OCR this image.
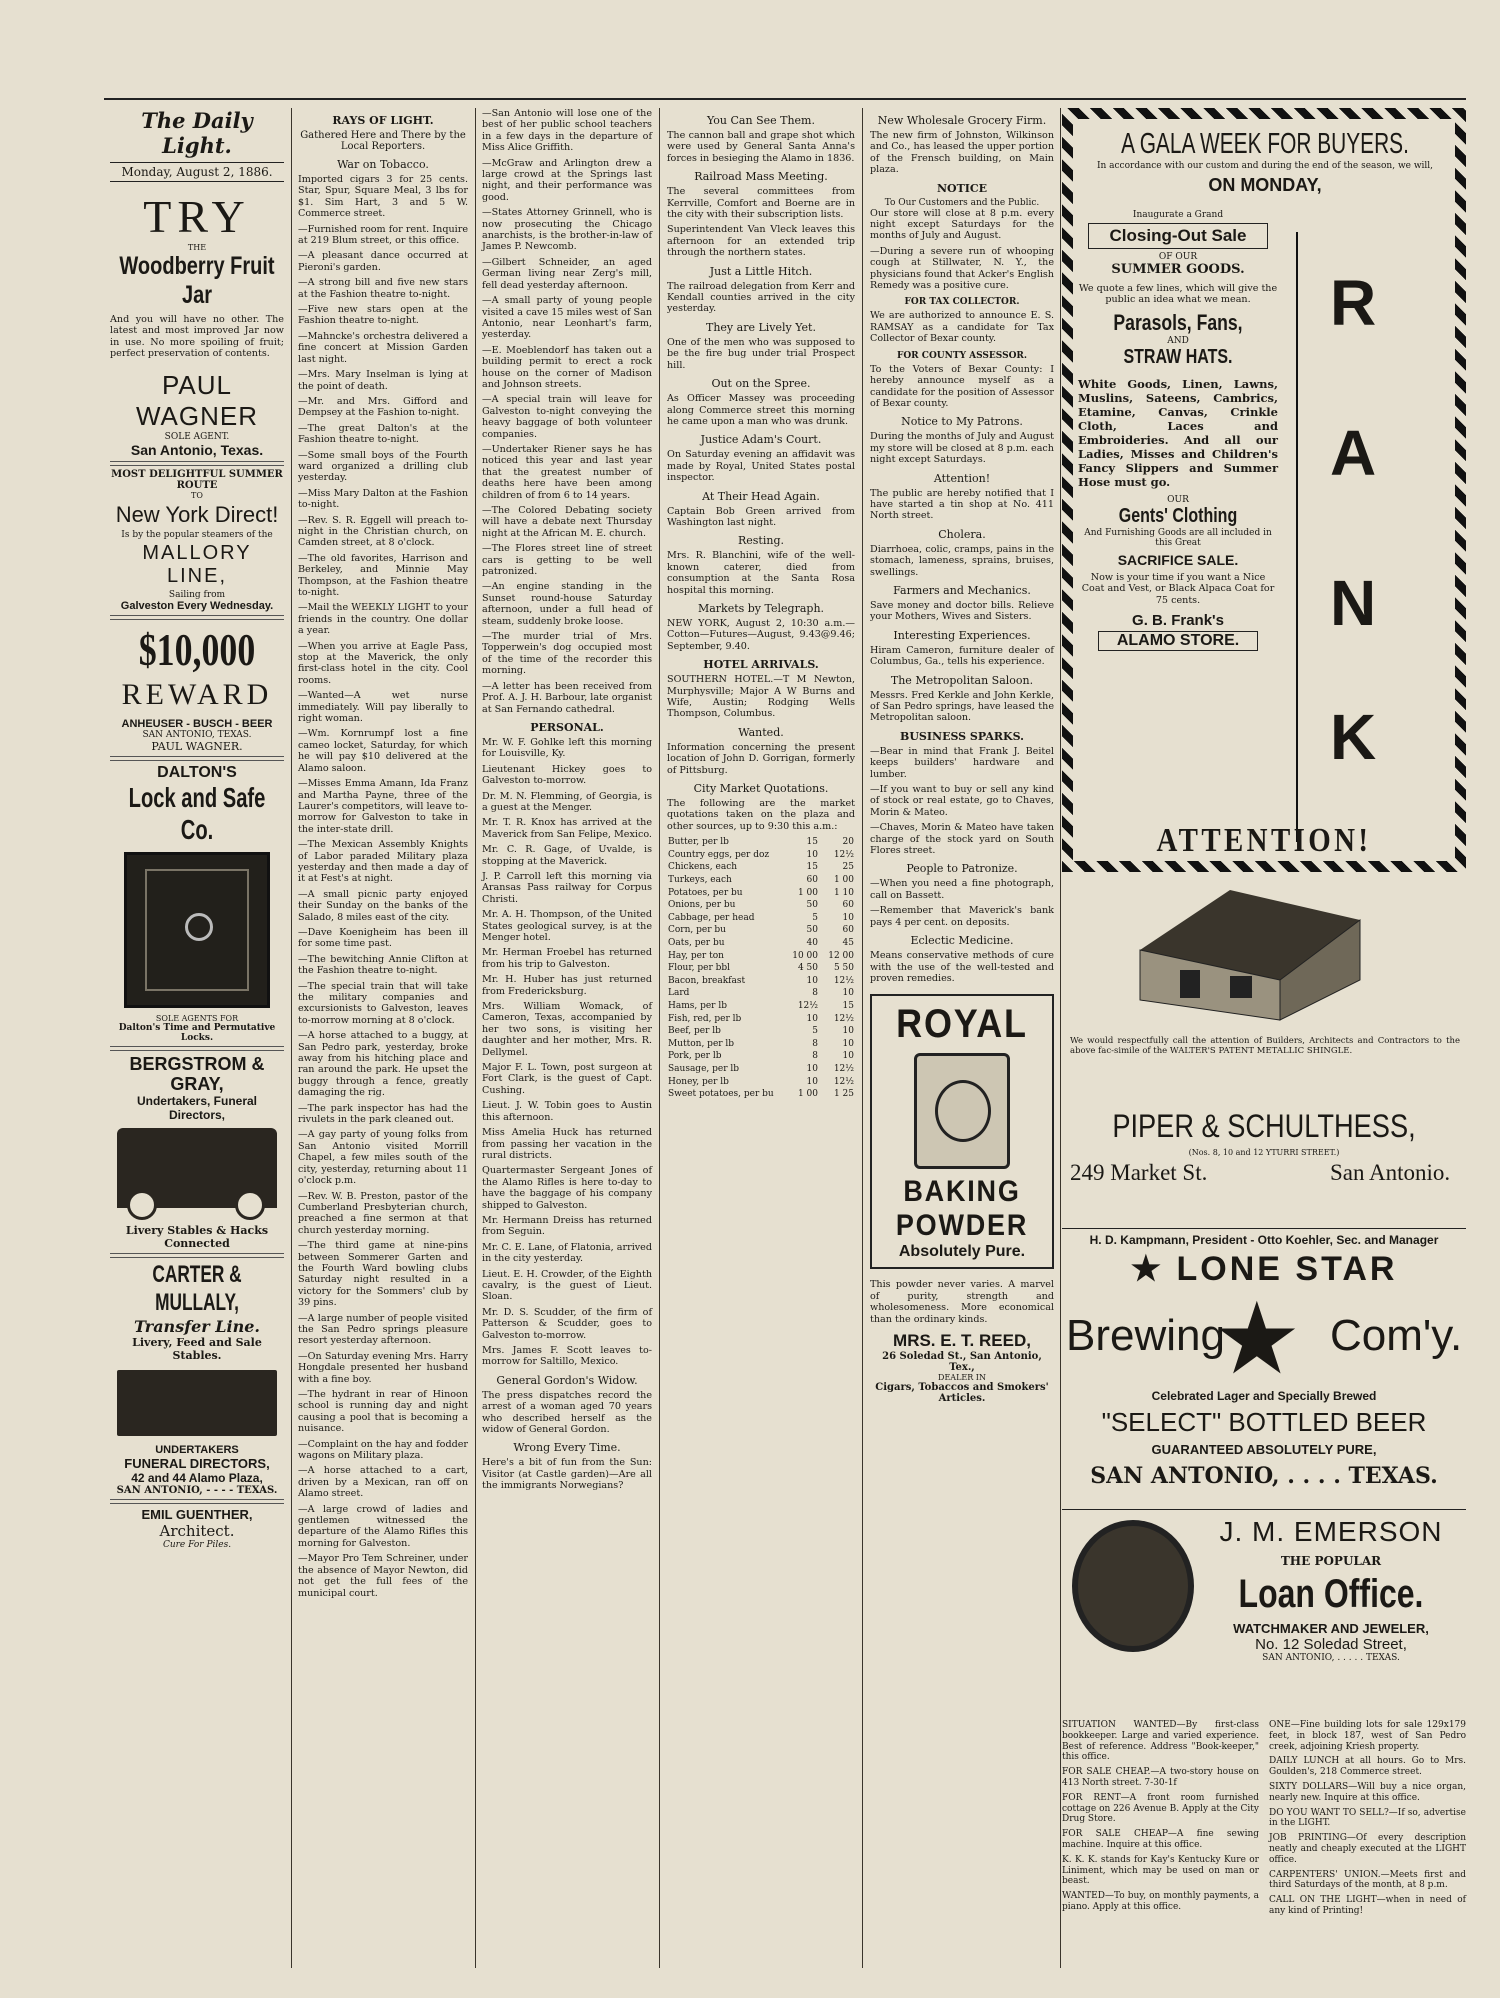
The Daily Light.

Monday, August 2, 1886.
TRY
THE
Woodberry Fruit Jar

And you will have no other. The latest and most improved Jar now in use. No more spoiling of fruit; perfect preservation of contents.

PAUL WAGNER
SOLE AGENT.
San Antonio, Texas.
MOST DELIGHTFUL SUMMER ROUTE
TO
New York Direct!
Is by the popular steamers of the
MALLORY LINE,
Sailing from
Galveston Every Wednesday.
$10,000
REWARD
ANHEUSER - BUSCH - BEER
SAN ANTONIO, TEXAS.
PAUL WAGNER.
DALTON'S
Lock and Safe Co.
SOLE AGENTS FOR
Dalton's Time and Permutative Locks.
BERGSTROM & GRAY,
Undertakers, Funeral Directors,
Livery Stables & Hacks Connected
CARTER & MULLALY,
Transfer Line.
Livery, Feed and Sale Stables.
UNDERTAKERS
FUNERAL DIRECTORS,
42 and 44 Alamo Plaza,
SAN ANTONIO, - - - - TEXAS.
EMIL GUENTHER,
Architect.
Cure For Piles.
RAYS OF LIGHT.
Gathered Here and There by the Local Reporters.
War on Tobacco.

Imported cigars 3 for 25 cents. Star, Spur, Square Meal, 3 lbs for $1. Sim Hart, 3 and 5 W. Commerce street.

—Furnished room for rent. Inquire at 219 Blum street, or this office.

—A pleasant dance occurred at Pieroni's garden.

—A strong bill and five new stars at the Fashion theatre to-night.

—Five new stars open at the Fashion theatre to-night.

—Mahncke's orchestra delivered a fine concert at Mission Garden last night.

—Mrs. Mary Inselman is lying at the point of death.

—Mr. and Mrs. Gifford and Dempsey at the Fashion to-night.

—The great Dalton's at the Fashion theatre to-night.

—Some small boys of the Fourth ward organized a drilling club yesterday.

—Miss Mary Dalton at the Fashion to-night.

—Rev. S. R. Eggell will preach to-night in the Christian church, on Camden street, at 8 o'clock.

—The old favorites, Harrison and Berkeley, and Minnie May Thompson, at the Fashion theatre to-night.

—Mail the WEEKLY LIGHT to your friends in the country. One dollar a year.

—When you arrive at Eagle Pass, stop at the Maverick, the only first-class hotel in the city. Cool rooms.

—Wanted—A wet nurse immediately. Will pay liberally to right woman.

—Wm. Kornrumpf lost a fine cameo locket, Saturday, for which he will pay $10 delivered at the Alamo saloon.

—Misses Emma Amann, Ida Franz and Martha Payne, three of the Laurer's competitors, will leave to-morrow for Galveston to take in the inter-state drill.

—The Mexican Assembly Knights of Labor paraded Military plaza yesterday and then made a day of it at Fest's at night.

—A small picnic party enjoyed their Sunday on the banks of the Salado, 8 miles east of the city.

—Dave Koenigheim has been ill for some time past.

—The bewitching Annie Clifton at the Fashion theatre to-night.

—The special train that will take the military companies and excursionists to Galveston, leaves to-morrow morning at 8 o'clock.

—A horse attached to a buggy, at San Pedro park, yesterday, broke away from his hitching place and ran around the park. He upset the buggy through a fence, greatly damaging the rig.

—The park inspector has had the rivulets in the park cleaned out.

—A gay party of young folks from San Antonio visited Morrill Chapel, a few miles south of the city, yesterday, returning about 11 o'clock p.m.

—Rev. W. B. Preston, pastor of the Cumberland Presbyterian church, preached a fine sermon at that church yesterday morning.

—The third game at nine-pins between Sommerer Garten and the Fourth Ward bowling clubs Saturday night resulted in a victory for the Sommers' club by 39 pins.

—A large number of people visited the San Pedro springs pleasure resort yesterday afternoon.

—On Saturday evening Mrs. Harry Hongdale presented her husband with a fine boy.

—The hydrant in rear of Hinoon school is running day and night causing a pool that is becoming a nuisance.

—Complaint on the hay and fodder wagons on Military plaza.

—A horse attached to a cart, driven by a Mexican, ran off on Alamo street.

—A large crowd of ladies and gentlemen witnessed the departure of the Alamo Rifles this morning for Galveston.

—Mayor Pro Tem Schreiner, under the absence of Mayor Newton, did not get the full fees of the municipal court.

—San Antonio will lose one of the best of her public school teachers in a few days in the departure of Miss Alice Griffith.

—McGraw and Arlington drew a large crowd at the Springs last night, and their performance was good.

—States Attorney Grinnell, who is now prosecuting the Chicago anarchists, is the brother-in-law of James P. Newcomb.

—Gilbert Schneider, an aged German living near Zerg's mill, fell dead yesterday afternoon.

—A small party of young people visited a cave 15 miles west of San Antonio, near Leonhart's farm, yesterday.

—E. Moeblendorf has taken out a building permit to erect a rock house on the corner of Madison and Johnson streets.

—A special train will leave for Galveston to-night conveying the heavy baggage of both volunteer companies.

—Undertaker Riener says he has noticed this year and last year that the greatest number of deaths here have been among children of from 6 to 14 years.

—The Colored Debating society will have a debate next Thursday night at the African M. E. church.

—The Flores street line of street cars is getting to be well patronized.

—An engine standing in the Sunset round-house Saturday afternoon, under a full head of steam, suddenly broke loose.

—The murder trial of Mrs. Topperwein's dog occupied most of the time of the recorder this morning.

—A letter has been received from Prof. A. J. H. Barbour, late organist at San Fernando cathedral.

PERSONAL.

Mr. W. F. Gohlke left this morning for Louisville, Ky.

Lieutenant Hickey goes to Galveston to-morrow.

Dr. M. N. Flemming, of Georgia, is a guest at the Menger.

Mr. T. R. Knox has arrived at the Maverick from San Felipe, Mexico.

Mr. C. R. Gage, of Uvalde, is stopping at the Maverick.

J. P. Carroll left this morning via Aransas Pass railway for Corpus Christi.

Mr. A. H. Thompson, of the United States geological survey, is at the Menger hotel.

Mr. Herman Froebel has returned from his trip to Galveston.

Mr. H. Huber has just returned from Fredericksburg.

Mrs. William Womack, of Cameron, Texas, accompanied by her two sons, is visiting her daughter and her mother, Mrs. R. Dellymel.

Major F. L. Town, post surgeon at Fort Clark, is the guest of Capt. Cushing.

Lieut. J. W. Tobin goes to Austin this afternoon.

Miss Amelia Huck has returned from passing her vacation in the rural districts.

Quartermaster Sergeant Jones of the Alamo Rifles is here to-day to have the baggage of his company shipped to Galveston.

Mr. Hermann Dreiss has returned from Seguin.

Mr. C. E. Lane, of Flatonia, arrived in the city yesterday.

Lieut. E. H. Crowder, of the Eighth cavalry, is the guest of Lieut. Sloan.

Mr. D. S. Scudder, of the firm of Patterson & Scudder, goes to Galveston to-morrow.

Mrs. James F. Scott leaves to-morrow for Saltillo, Mexico.

General Gordon's Widow.

The press dispatches record the arrest of a woman aged 70 years who described herself as the widow of General Gordon.

Wrong Every Time.

Here's a bit of fun from the Sun: Visitor (at Castle garden)—Are all the immigrants Norwegians?

You Can See Them.

The cannon ball and grape shot which were used by General Santa Anna's forces in besieging the Alamo in 1836.

Railroad Mass Meeting.

The several committees from Kerrville, Comfort and Boerne are in the city with their subscription lists.

Superintendent Van Vleck leaves this afternoon for an extended trip through the northern states.

Just a Little Hitch.

The railroad delegation from Kerr and Kendall counties arrived in the city yesterday.

They are Lively Yet.

One of the men who was supposed to be the fire bug under trial Prospect hill.

Out on the Spree.

As Officer Massey was proceeding along Commerce street this morning he came upon a man who was drunk.

Justice Adam's Court.

On Saturday evening an affidavit was made by Royal, United States postal inspector.

At Their Head Again.

Captain Bob Green arrived from Washington last night.

Resting.

Mrs. R. Blanchini, wife of the well-known caterer, died from consumption at the Santa Rosa hospital this morning.

Markets by Telegraph.

NEW YORK, August 2, 10:30 a.m.—Cotton—Futures—August, 9.43@9.46; September, 9.40.

HOTEL ARRIVALS.

SOUTHERN HOTEL.—T M Newton, Murphysville; Major A W Burns and Wife, Austin; Rodging Wells Thompson, Columbus.

Wanted.

Information concerning the present location of John D. Gorrigan, formerly of Pittsburg.

City Market Quotations.

The following are the market quotations taken on the plaza and other sources, up to 9:30 this a.m.:

Butter, per lb	15	20
Country eggs, per doz	10	12½
Chickens, each	15	25
Turkeys, each	60	1 00
Potatoes, per bu	1 00	1 10
Onions, per bu	50	60
Cabbage, per head	5	10
Corn, per bu	50	60
Oats, per bu	40	45
Hay, per ton	10 00	12 00
Flour, per bbl	4 50	5 50
Bacon, breakfast	10	12½
Lard	8	10
Hams, per lb	12½	15
Fish, red, per lb	10	12½
Beef, per lb	5	10
Mutton, per lb	8	10
Pork, per lb	8	10
Sausage, per lb	10	12½
Honey, per lb	10	12½
Sweet potatoes, per bu	1 00	1 25
New Wholesale Grocery Firm.

The new firm of Johnston, Wilkinson and Co., has leased the upper portion of the Frensch building, on Main plaza.

NOTICE
To Our Customers and the Public.

Our store will close at 8 p.m. every night except Saturdays for the months of July and August.

—During a severe run of whooping cough at Stillwater, N. Y., the physicians found that Acker's English Remedy was a positive cure.

FOR TAX COLLECTOR.

We are authorized to announce E. S. RAMSAY as a candidate for Tax Collector of Bexar county.

FOR COUNTY ASSESSOR.

To the Voters of Bexar County: I hereby announce myself as a candidate for the position of Assessor of Bexar county.

Notice to My Patrons.

During the months of July and August my store will be closed at 8 p.m. each night except Saturdays.

Attention!

The public are hereby notified that I have started a tin shop at No. 411 North street.

Cholera.

Diarrhoea, colic, cramps, pains in the stomach, lameness, sprains, bruises, swellings.

Farmers and Mechanics.

Save money and doctor bills. Relieve your Mothers, Wives and Sisters.

Interesting Experiences.

Hiram Cameron, furniture dealer of Columbus, Ga., tells his experience.

The Metropolitan Saloon.

Messrs. Fred Kerkle and John Kerkle, of San Pedro springs, have leased the Metropolitan saloon.

BUSINESS SPARKS.

—Bear in mind that Frank J. Beitel keeps builders' hardware and lumber.

—If you want to buy or sell any kind of stock or real estate, go to Chaves, Morin & Mateo.

—Chaves, Morin & Mateo have taken charge of the stock yard on South Flores street.

People to Patronize.

—When you need a fine photograph, call on Bassett.

—Remember that Maverick's bank pays 4 per cent. on deposits.

Eclectic Medicine.

Means conservative methods of cure with the use of the well-tested and proven remedies.

ROYAL
BAKING
POWDER
Absolutely Pure.

This powder never varies. A marvel of purity, strength and wholesomeness. More economical than the ordinary kinds.

MRS. E. T. REED,
26 Soledad St., San Antonio, Tex.,
DEALER IN
Cigars, Tobaccos and Smokers' Articles.
A GALA WEEK FOR BUYERS.
In accordance with our custom and during the end of the season, we will,
ON MONDAY,
Inaugurate a Grand
Closing-Out Sale
OF OUR
SUMMER GOODS.

We quote a few lines, which will give the public an idea what we mean.

Parasols, Fans,
AND
STRAW HATS.

White Goods, Linen, Lawns, Muslins, Sateens, Cambrics, Etamine, Canvas, Crinkle Cloth, Laces and Embroideries. And all our Ladies, Misses and Children's Fancy Slippers and Summer Hose must go.

OUR
Gents' Clothing
And Furnishing Goods are all included in this Great
SACRIFICE SALE.

Now is your time if you want a Nice Coat and Vest, or Black Alpaca Coat for 75 cents.

G. B. Frank's
ALAMO STORE.
R
A
N
K
ATTENTION!

We would respectfully call the attention of Builders, Architects and Contractors to the above fac-simile of the WALTER'S PATENT METALLIC SHINGLE.

PIPER & SCHULTHESS,
(Nos. 8, 10 and 12 YTURRI STREET.)
249 Market St.	San Antonio.
H. D. Kampmann, President - Otto Koehler, Sec. and Manager
★ LONE STAR
Brewing
★ Com'y.
Celebrated Lager and Specially Brewed
"SELECT" BOTTLED BEER
GUARANTEED ABSOLUTELY PURE,
SAN ANTONIO, . . . . TEXAS.
J. M. EMERSON
THE POPULAR
Loan Office.
WATCHMAKER AND JEWELER,
No. 12 Soledad Street,
SAN ANTONIO, . . . . . TEXAS.

SITUATION WANTED—By first-class bookkeeper. Large and varied experience. Best of reference. Address "Book-keeper," this office.

FOR SALE CHEAP.—A two-story house on 413 North street. 7-30-1f

FOR RENT—A front room furnished cottage on 226 Avenue B. Apply at the City Drug Store.

FOR SALE CHEAP—A fine sewing machine. Inquire at this office.

K. K. K. stands for Kay's Kentucky Kure or Liniment, which may be used on man or beast.

WANTED—To buy, on monthly payments, a piano. Apply at this office.

ONE—Fine building lots for sale 129x179 feet, in block 187, west of San Pedro creek, adjoining Kriesh property.

DAILY LUNCH at all hours. Go to Mrs. Goulden's, 218 Commerce street.

SIXTY DOLLARS—Will buy a nice organ, nearly new. Inquire at this office.

DO YOU WANT TO SELL?—If so, advertise in the LIGHT.

JOB PRINTING—Of every description neatly and cheaply executed at the LIGHT office.

CARPENTERS' UNION.—Meets first and third Saturdays of the month, at 8 p.m.

CALL ON THE LIGHT—when in need of any kind of Printing!
